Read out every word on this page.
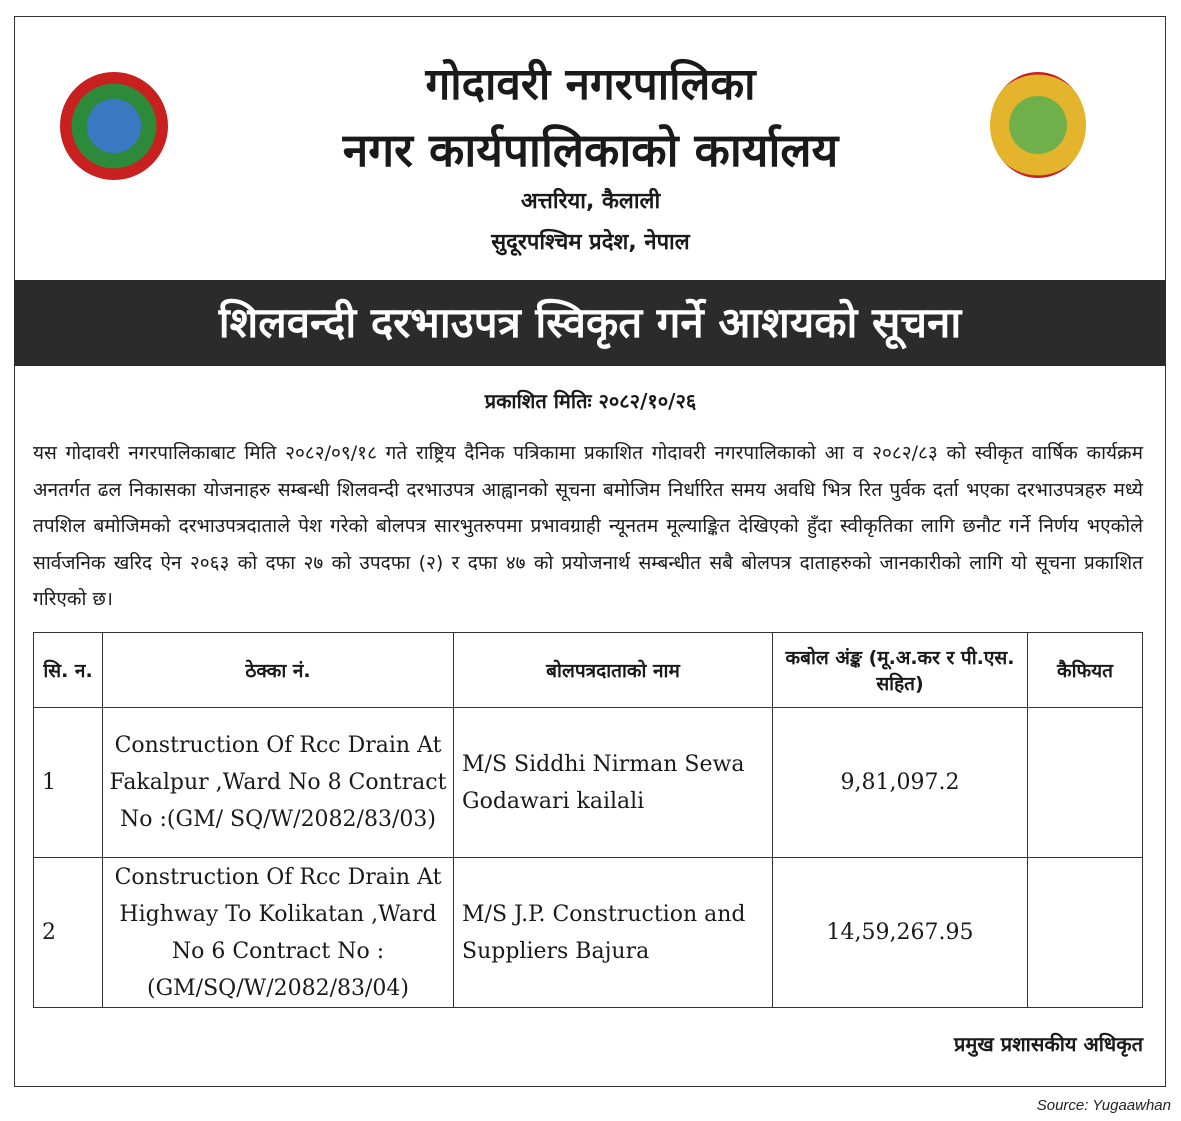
गोदावरी नगरपालिका
नगर कार्यपालिकाको कार्यालय
अत्तरिया, कैलाली
सुदूरपश्चिम प्रदेश, नेपाल
शिलवन्दी दरभाउपत्र स्विकृत गर्ने आशयको सूचना
प्रकाशित मितिः २०८२/१०/२६
यस गोदावरी नगरपालिकाबाट मिति २०८२/०९/१८ गते राष्ट्रिय दैनिक पत्रिकामा प्रकाशित गोदावरी नगरपालिकाको आ व २०८२/८३ को स्वीकृत वार्षिक कार्यक्रम अनतर्गत ढल निकासका योजनाहरु सम्बन्धी शिलवन्दी दरभाउपत्र आह्वानको सूचना बमोजिम निर्धारित समय अवधि भित्र रित पुर्वक दर्ता भएका दरभाउपत्रहरु मध्ये तपशिल बमोजिमको दरभाउपत्रदाताले पेश गरेको बोलपत्र सारभुतरुपमा प्रभावग्राही न्यूनतम मूल्याङ्कित देखिएको हुँदा स्वीकृतिका लागि छनौट गर्ने निर्णय भएकोले सार्वजनिक खरिद ऐन २०६३ को दफा २७ को उपदफा (२) र दफा ४७ को प्रयोजनार्थ सम्बन्धीत सबै बोलपत्र दाताहरुको जानकारीको लागि यो सूचना प्रकाशित गरिएको छ।
सि. न.	ठेक्का नं.	बोलपत्रदाताको नाम	कबोल अंङ्क (मू.अ.कर र पी.एस. सहित)	कैफियत
1	Construction Of Rcc Drain At Fakalpur ,Ward No 8 Contract No :(GM/ SQ/W/2082/83/03)	M/S Siddhi Nirman Sewa Godawari kailali	9,81,097.2	
2	Construction Of Rcc Drain At Highway To Kolikatan ,Ward No 6 Contract No : (GM/SQ/W/2082/83/04)	M/S J.P. Construction and Suppliers Bajura	14,59,267.95	
प्रमुख प्रशासकीय अधिकृत
Source: Yugaawhan
